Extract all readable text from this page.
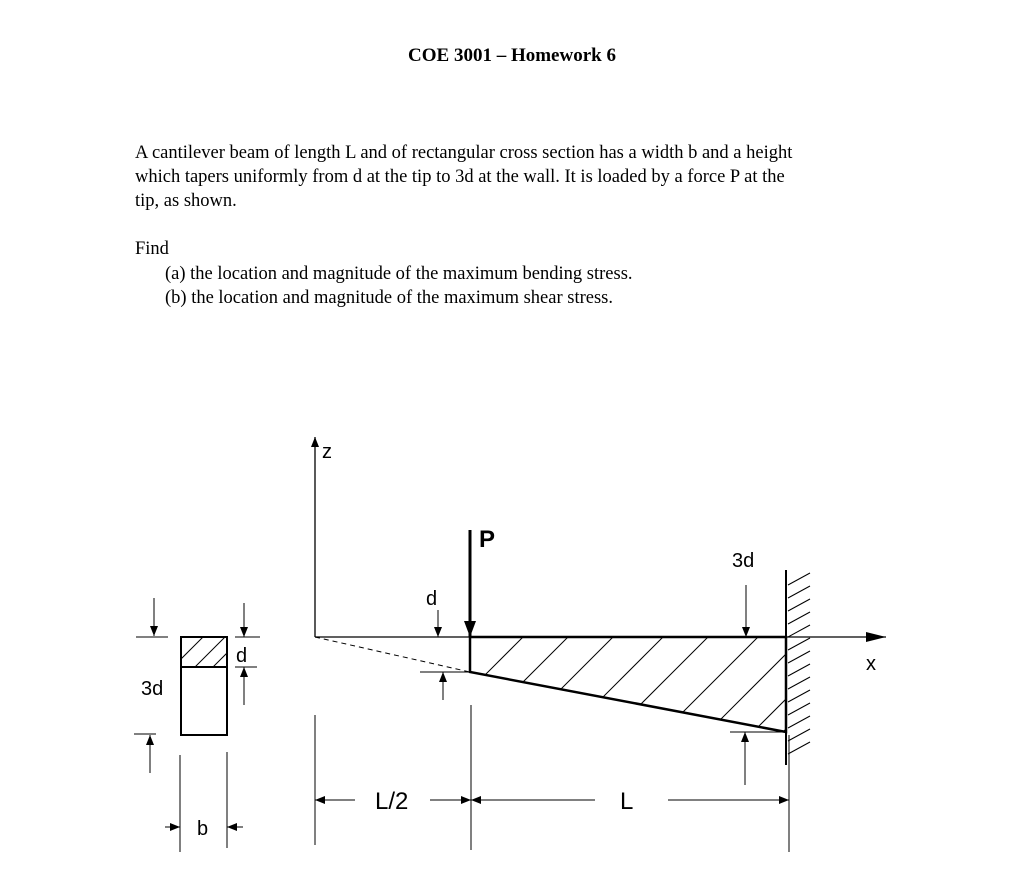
COE 3001 – Homework 6
A cantilever beam of length L and of rectangular cross section has a width b and a height
which tapers uniformly from d at the tip to 3d at the wall. It is loaded by a force P at the
tip, as shown.
Find
(a) the location and magnitude of the maximum bending stress.
(b) the location and magnitude of the maximum shear stress.
z
x
P
d
3d
3d
d
b
L/2	L
